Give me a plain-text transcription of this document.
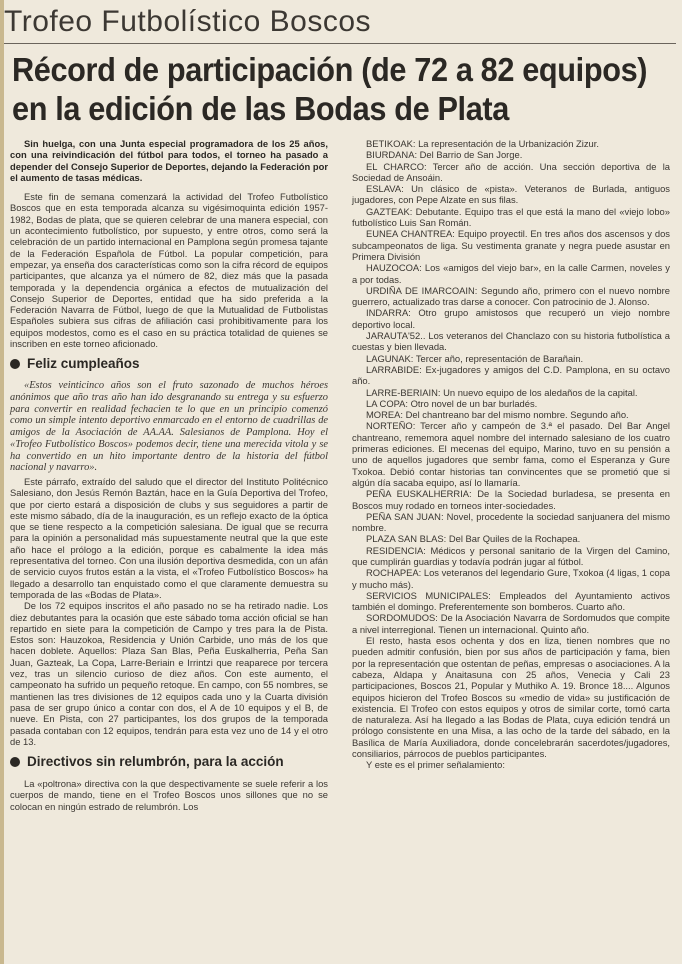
Trofeo Futbolístico Boscos
Récord de participación (de 72 a 82 equipos)
en la edición de las Bodas de Plata

Sin huelga, con una Junta especial programadora de los 25 años, con una reivindicación del fútbol para todos, el torneo ha pasado a depender del Consejo Superior de Deportes, dejando la Federación por el aumento de tasas médicas.

Este fin de semana comenzará la actividad del Trofeo Futbolístico Boscos que en esta temporada alcanza su vigésimoquinta edición 1957-1982, Bodas de plata, que se quieren celebrar de una manera especial, con un acontecimiento futbolístico, por supuesto, y entre otros, como será la celebración de un partido internacional en Pamplona según promesa tajante de la Federación Española de Fútbol. La popular competición, para empezar, ya enseña dos características como son la cifra récord de equipos participantes, que alcanza ya el número de 82, diez más que la pasada temporada y la dependencia orgánica a efectos de mutualización del Consejo Superior de Deportes, entidad que ha sido preferida a la Federación Navarra de Fútbol, luego de que la Mutualidad de Futbolistas Españoles subiera sus cifras de afiliación casi prohibitivamente para los equipos modestos, como es el caso en su práctica totalidad de quienes se inscriben en este torneo aficionado.

Feliz cumpleaños

«Estos veinticinco años son el fruto sazonado de muchos héroes anónimos que año tras año han ido desgranando su entrega y su esfuerzo para convertir en realidad fechacien te lo que en un principio comenzó como un simple intento deportivo enmarcado en el entorno de cuadrillas de amigos de la Asociación de AA.AA. Salesianos de Pamplona. Hoy el «Trofeo Futbolístico Boscos» podemos decir, tiene una merecida vitola y se ha convertido en un hito importante dentro de la historia del fútbol nacional y navarro».

Este párrafo, extraído del saludo que el director del Instituto Politécnico Salesiano, don Jesús Remón Baztán, hace en la Guía Deportiva del Trofeo, que por cierto estará a disposición de clubs y sus seguidores a partir de este mismo sábado, día de la inauguración, es un reflejo exacto de la óptica que se tiene respecto a la competición salesiana. De igual que se recurra para la opinión a personalidad más supuestamente neutral que la que este año hace el prólogo a la edición, porque es cabalmente la idea más representativa del torneo. Con una ilusión deportiva desmedida, con un afán de servicio cuyos frutos están a la vista, el «Trofeo Futbolístico Boscos» ha llegado a desarrollo tan enquistado como el que claramente demuestra su temporada de las «Bodas de Plata».

De los 72 equipos inscritos el año pasado no se ha retirado nadie. Los diez debutantes para la ocasión que este sábado toma acción oficial se han repartido en siete para la competición de Campo y tres para la de Pista. Estos son: Hauzokoa, Residencia y Unión Carbide, uno más de los que hacen doblete. Aquellos: Plaza San Blas, Peña Euskalherria, Peña San Juan, Gazteak, La Copa, Larre-Beriain e Irrintzi que reaparece por tercera vez, tras un silencio curioso de diez años. Con este aumento, el campeonato ha sufrido un pequeño retoque. En campo, con 55 nombres, se mantienen las tres divisiones de 12 equipos cada uno y la Cuarta división pasa de ser grupo único a contar con dos, el A de 10 equipos y el B, de nueve. En Pista, con 27 participantes, los dos grupos de la temporada pasada contaban con 12 equipos, tendrán para esta vez uno de 14 y el otro de 13.

Directivos sin relumbrón, para la acción

La «poltrona» directiva con la que despectivamente se suele referir a los cuerpos de mando, tiene en el Trofeo Boscos unos sillones que no se colocan en ningún estrado de relumbrón. Los

BETIKOAK: La representación de la Urbanización Zizur.

BIURDANA: Del Barrio de San Jorge.

EL CHARCO: Tercer año de acción. Una sección deportiva de la Sociedad de Ansoáin.

ESLAVA: Un clásico de «pista». Veteranos de Burlada, antiguos jugadores, con Pepe Alzate en sus filas.

GAZTEAK: Debutante. Equipo tras el que está la mano del «viejo lobo» futbolístico Luis San Román.

EUNEA CHANTREA: Equipo proyectil. En tres años dos ascensos y dos subcampeonatos de liga. Su vestimenta granate y negra puede asustar en Primera División

HAUZOCOA: Los «amigos del viejo bar», en la calle Carmen, noveles y a por todas.

URDIÑA DE IMARCOAIN: Segundo año, primero con el nuevo nombre guerrero, actualizado tras darse a conocer. Con patrocinio de J. Alonso.

INDARRA: Otro grupo amistosos que recuperó un viejo nombre deportivo local.

JARAUTA'52.. Los veteranos del Chanclazo con su historia futbolística a cuestas y bien llevada.

LAGUNAK: Tercer año, representación de Barañain.

LARRABIDE: Ex-jugadores y amigos del C.D. Pamplona, en su octavo año.

LARRE-BERIAIN: Un nuevo equipo de los aledaños de la capital.

LA COPA: Otro novel de un bar burladés.

MOREA: Del chantreano bar del mismo nombre. Segundo año.

NORTEÑO: Tercer año y campeón de 3.ª el pasado. Del Bar Angel chantreano, rememora aquel nombre del internado salesiano de los cuatro primeras ediciones. El mecenas del equipo, Marino, tuvo en su pensión a uno de aquellos jugadores que sembr fama, como el Esperanza y Gure Txokoa. Debió contar historias tan convincentes que se prometió que si algún día sacaba equipo, así lo llamaría.

PEÑA EUSKALHERRIA: De la Sociedad burladesa, se presenta en Boscos muy rodado en torneos inter-sociedades.

PEÑA SAN JUAN: Novel, procedente la sociedad sanjuanera del mismo nombre.

PLAZA SAN BLAS: Del Bar Quiles de la Rochapea.

RESIDENCIA: Médicos y personal sanitario de la Virgen del Camino, que cumplirán guardias y todavía podrán jugar al fútbol.

ROCHAPEA: Los veteranos del legendario Gure, Txokoa (4 ligas, 1 copa y mucho más).

SERVICIOS MUNICIPALES: Empleados del Ayuntamiento activos también el domingo. Preferentemente son bomberos. Cuarto año.

SORDOMUDOS: De la Asociación Navarra de Sordomudos que compite a nivel interregional. Tienen un internacional. Quinto año.

El resto, hasta esos ochenta y dos en liza, tienen nombres que no pueden admitir confusión, bien por sus años de participación y fama, bien por la representación que ostentan de peñas, empresas o asociaciones. A la cabeza, Aldapa y Anaitasuna con 25 años, Venecia y Cali 23 participaciones, Boscos 21, Popular y Muthiko A. 19. Bronce 18.... Algunos equipos hicieron del Trofeo Boscos su «medio de vida» su justificación de existencia. El Trofeo con estos equipos y otros de similar corte, tomó carta de naturaleza. Así ha llegado a las Bodas de Plata, cuya edición tendrá un prólogo consistente en una Misa, a las ocho de la tarde del sábado, en la Basílica de María Auxiliadora, donde concelebrarán sacerdotes/jugadores, consiliarios, párrocos de pueblos participantes.

Y este es el primer señalamiento:
